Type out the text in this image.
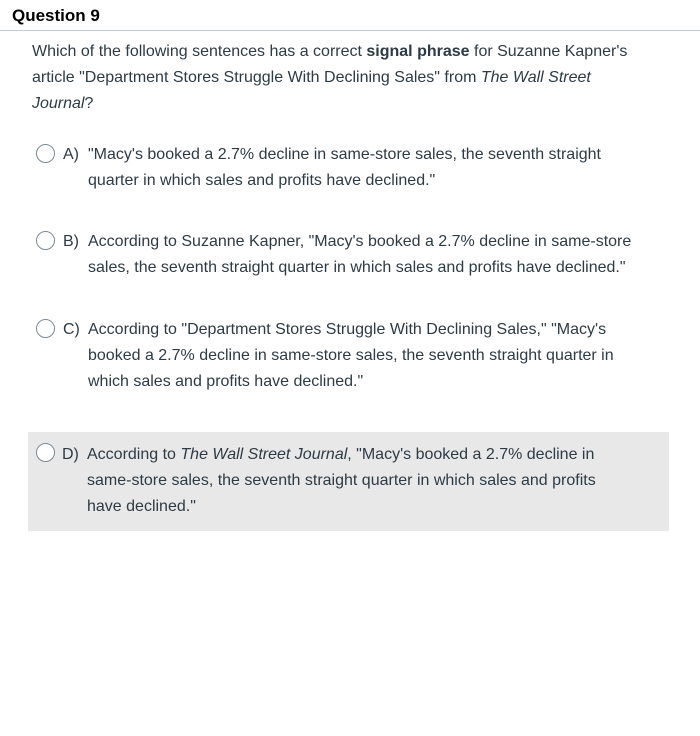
Question 9
Which of the following sentences has a correct signal phrase for Suzanne Kapner's
article "Department Stores Struggle With Declining Sales" from The Wall Street
Journal?
A) "Macy's booked a 2.7% decline in same-store sales, the seventh straight
quarter in which sales and profits have declined."
B) According to Suzanne Kapner, "Macy's booked a 2.7% decline in same-store
sales, the seventh straight quarter in which sales and profits have declined."
C) According to "Department Stores Struggle With Declining Sales," "Macy's
booked a 2.7% decline in same-store sales, the seventh straight quarter in
which sales and profits have declined."
D) According to The Wall Street Journal, "Macy's booked a 2.7% decline in
same-store sales, the seventh straight quarter in which sales and profits
have declined."
